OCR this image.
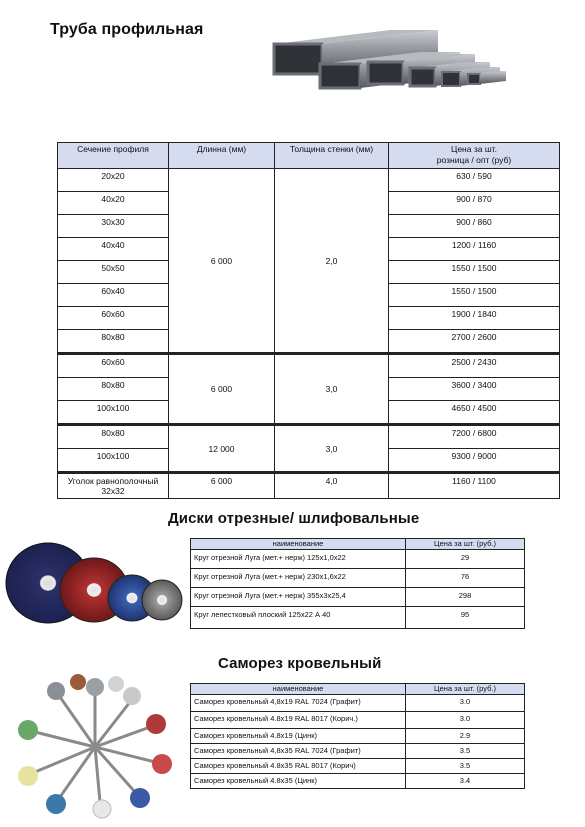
Труба профильная
Сечение профиля	Длинна (мм)	Толщина стенки (мм)	Цена за шт.
розница / опт (руб)
20x20	6 000	2,0	630 / 590
40x20			900 / 870
30x30			900 / 860
40x40			1200 / 1160
50x50			1550 / 1500
60x40			1550 / 1500
60x60			1900 / 1840
80x80			2700 / 2600
60x60	6 000	3,0	2500 / 2430
80x80			3600 / 3400
100x100			4650 / 4500
80x80	12 000	3,0	7200 / 6800
100x100			9300 / 9000
Уголок равнополочный 32x32	6 000	4,0	1160 / 1100
Диски отрезные/ шлифовальные
наименование	Цена за шт. (руб.)
Круг отрезной Луга (мет.+ нерж) 125x1,0x22	29
Круг отрезной Луга (мет.+ нерж) 230x1,6x22	76
Круг отрезной Луга (мет.+ нерж) 355x3x25,4	298
Круг лепестковый плоский 125x22 А 40	95
Саморез кровельный
наименование	Цена за шт. (руб.)
Саморез кровельный 4,8x19 RAL 7024 (Графит)	3.0
Саморез кровельный 4.8x19 RAL 8017 (Корич.)	3.0
Саморез кровельный 4.8x19 (Цинк)	2.9
Саморез кровельный 4,8x35 RAL 7024 (Графит)	3.5
Саморез кровельный 4.8x35 RAL 8017 (Корич)	3.5
Саморез кровельный 4.8x35 (Цинк)	3.4
